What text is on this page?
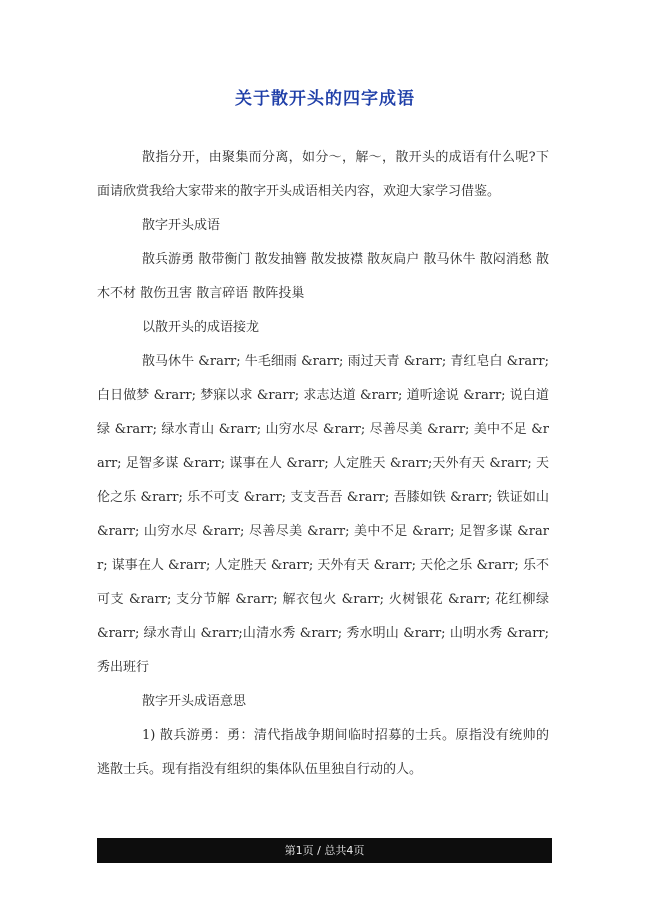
关于散开头的四字成语

散指分开，由聚集而分离，如分～，解～，散开头的成语有什么呢?下面请欣赏我给大家带来的散字开头成语相关内容，欢迎大家学习借鉴。

散字开头成语

散兵游勇 散带衡门 散发抽簪 散发披襟 散灰扃户 散马休牛 散闷消愁 散木不材 散伤丑害 散言碎语 散阵投巢

以散开头的成语接龙

散马休牛 &rarr; 牛毛细雨 &rarr; 雨过天青 &rarr; 青红皂白 &rarr; 白日做梦 &rarr; 梦寐以求 &rarr; 求志达道 &rarr; 道听途说 &rarr; 说白道绿 &rarr; 绿水青山 &rarr; 山穷水尽 &rarr; 尽善尽美 &rarr; 美中不足 &rarr; 足智多谋 &rarr; 谋事在人 &rarr; 人定胜天 &rarr;天外有天 &rarr; 天伦之乐 &rarr; 乐不可支 &rarr; 支支吾吾 &rarr; 吾膝如铁 &rarr; 铁证如山 &rarr; 山穷水尽 &rarr; 尽善尽美 &rarr; 美中不足 &rarr; 足智多谋 &rarr; 谋事在人 &rarr; 人定胜天 &rarr; 天外有天 &rarr; 天伦之乐 &rarr; 乐不可支 &rarr; 支分节解 &rarr; 解衣包火 &rarr; 火树银花 &rarr; 花红柳绿 &rarr; 绿水青山 &rarr;山清水秀 &rarr; 秀水明山 &rarr; 山明水秀 &rarr; 秀出班行

散字开头成语意思

1) 散兵游勇：勇：清代指战争期间临时招募的士兵。原指没有统帅的逃散士兵。现有指没有组织的集体队伍里独自行动的人。

第1页 / 总共4页
